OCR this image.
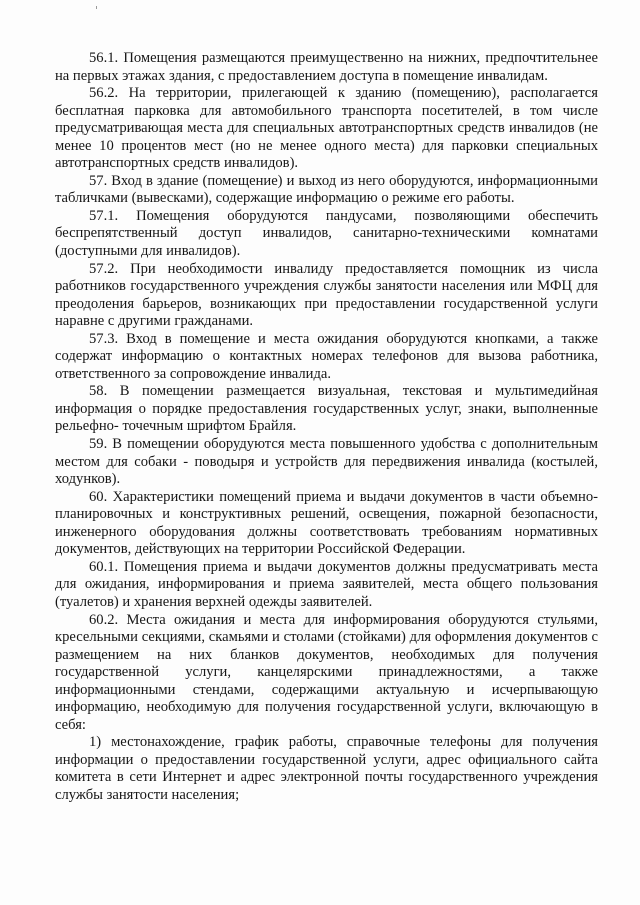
56.1. Помещения размещаются преимущественно на нижних, предпочтительнее на первых этажах здания, с предоставлением доступа в помещение инвалидам.

56.2. На территории, прилегающей к зданию (помещению), располагается бесплатная парковка для автомобильного транспорта посетителей, в том числе предусматривающая места для специальных автотранспортных средств инвалидов (не менее 10 процентов мест (но не менее одного места) для парковки специальных автотранспортных средств инвалидов).

57. Вход в здание (помещение) и выход из него оборудуются, информационными табличками (вывесками), содержащие информацию о режиме его работы.

57.1. Помещения оборудуются пандусами, позволяющими обеспечить беспрепятственный доступ инвалидов, санитарно-техническими комнатами (доступными для инвалидов).

57.2. При необходимости инвалиду предоставляется помощник из числа работников государственного учреждения службы занятости населения или МФЦ для преодоления барьеров, возникающих при предоставлении государственной услуги наравне с другими гражданами.

57.3. Вход в помещение и места ожидания оборудуются кнопками, а также содержат информацию о контактных номерах телефонов для вызова работника, ответственного за сопровождение инвалида.

58. В помещении размещается визуальная, текстовая и мультимедийная информация о порядке предоставления государственных услуг, знаки, выполненные рельефно- точечным шрифтом Брайля.

59. В помещении оборудуются места повышенного удобства с дополнительным местом для собаки - поводыря и устройств для передвижения инвалида (костылей, ходунков).

60. Характеристики помещений приема и выдачи документов в части объемно-планировочных и конструктивных решений, освещения, пожарной безопасности, инженерного оборудования должны соответствовать требованиям нормативных документов, действующих на территории Российской Федерации.

60.1. Помещения приема и выдачи документов должны предусматривать места для ожидания, информирования и приема заявителей, места общего пользования (туалетов) и хранения верхней одежды заявителей.

60.2. Места ожидания и места для информирования оборудуются стульями, кресельными секциями, скамьями и столами (стойками) для оформления документов с размещением на них бланков документов, необходимых для получения государственной услуги, канцелярскими принадлежностями, а также информационными стендами, содержащими актуальную и исчерпывающую информацию, необходимую для получения государственной услуги, включающую в себя:

1) местонахождение, график работы, справочные телефоны для получения информации о предоставлении государственной услуги, адрес официального сайта комитета в сети Интернет и адрес электронной почты государственного учреждения службы занятости населения;
